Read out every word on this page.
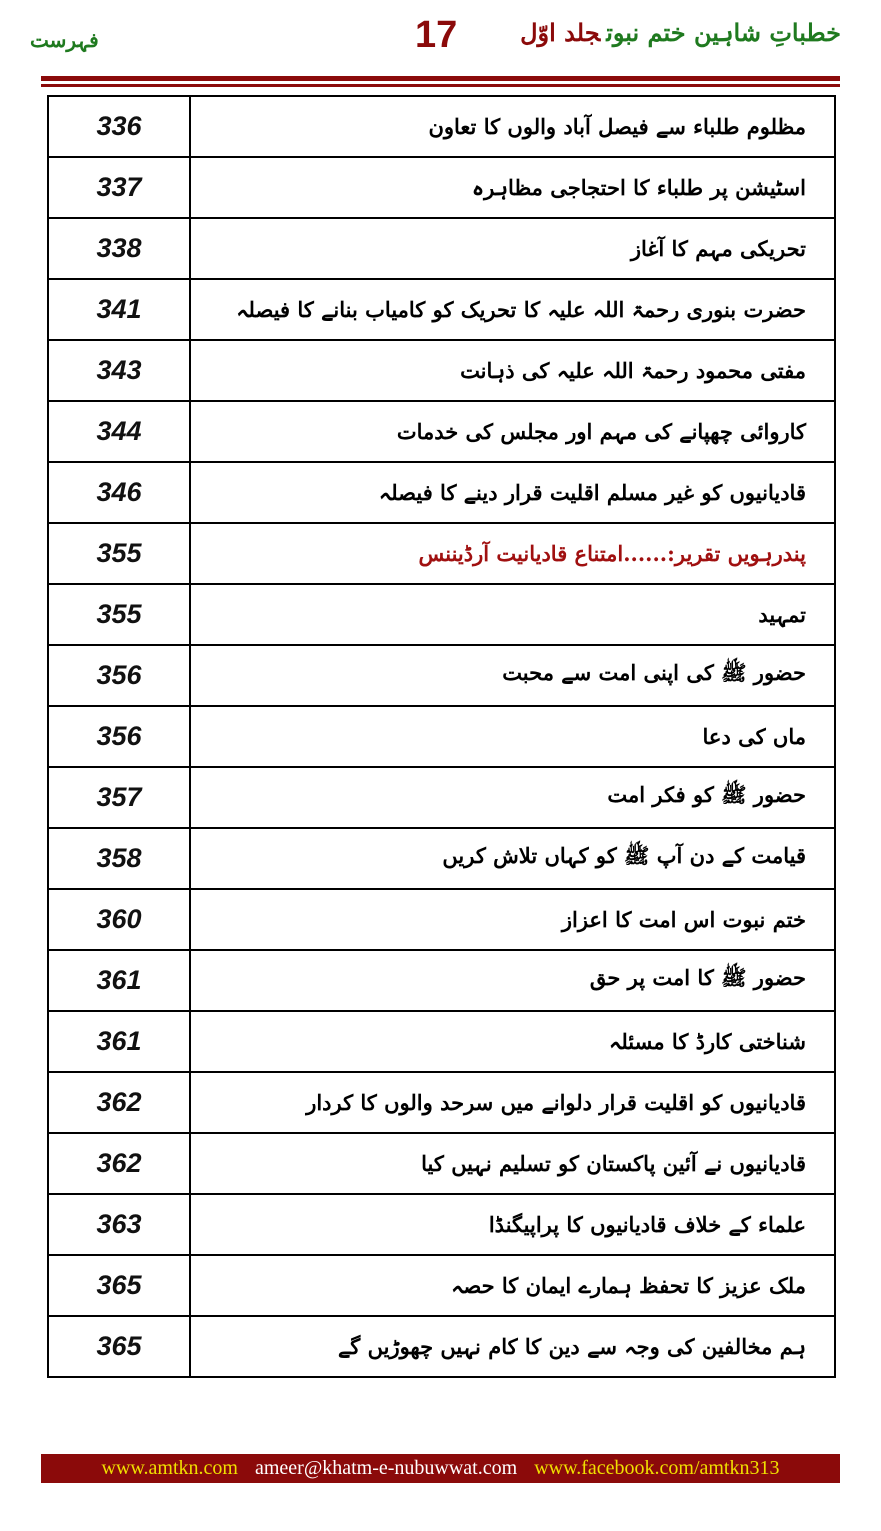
خطباتِ شاہین ختم نبوتجلد اوّل
17
فہرست
336	مظلوم طلباء سے فیصل آباد والوں کا تعاون
337	اسٹیشن پر طلباء کا احتجاجی مظاہرہ
338	تحریکی مہم کا آغاز
341	حضرت بنوری رحمۃ اللہ علیہ کا تحریک کو کامیاب بنانے کا فیصلہ
343	مفتی محمود رحمۃ اللہ علیہ کی ذہانت
344	کاروائی چھپانے کی مہم اور مجلس کی خدمات
346	قادیانیوں کو غیر مسلم اقلیت قرار دینے کا فیصلہ
355	پندرہویں تقریر:......امتناع قادیانیت آرڈیننس
355	تمہید
356	حضور ﷺ کی اپنی امت سے محبت
356	ماں کی دعا
357	حضور ﷺ کو فکر امت
358	قیامت کے دن آپ ﷺ کو کہاں تلاش کریں
360	ختم نبوت اس امت کا اعزاز
361	حضور ﷺ کا امت پر حق
361	شناختی کارڈ کا مسئلہ
362	قادیانیوں کو اقلیت قرار دلوانے میں سرحد والوں کا کردار
362	قادیانیوں نے آئین پاکستان کو تسلیم نہیں کیا
363	علماء کے خلاف قادیانیوں کا پراپیگنڈا
365	ملک عزیز کا تحفظ ہمارے ایمان کا حصہ
365	ہم مخالفین کی وجہ سے دین کا کام نہیں چھوڑیں گے
www.amtkn.com ameer@khatm-e-nubuwwat.com www.facebook.com/amtkn313
